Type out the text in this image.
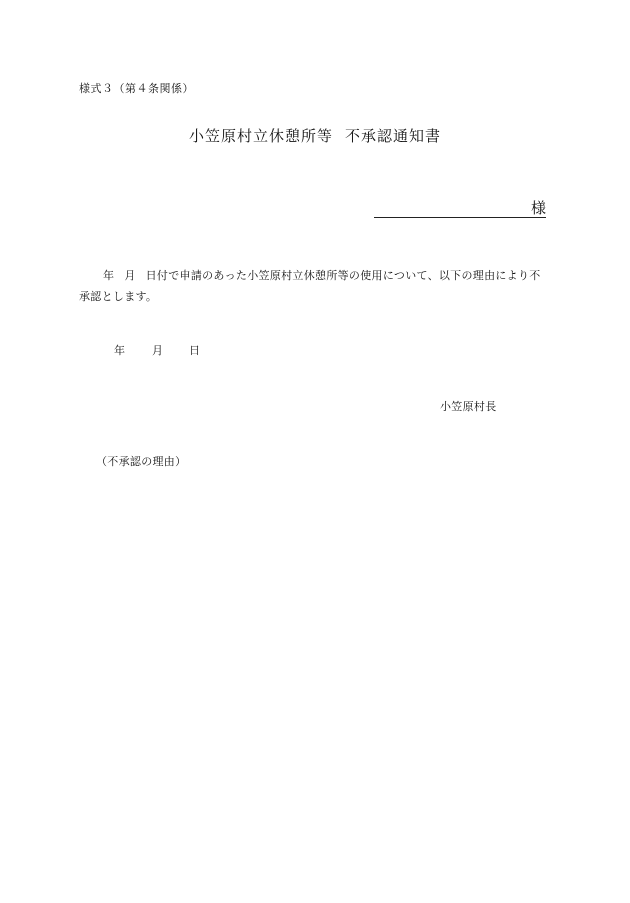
様式３（第４条関係）
小笠原村立休憩所等 不承認通知書
様
年 月 日付で申請のあった小笠原村立休憩所等の使用について、以下の理由により不承認とします。
年 月 日
小笠原村長
（不承認の理由）
